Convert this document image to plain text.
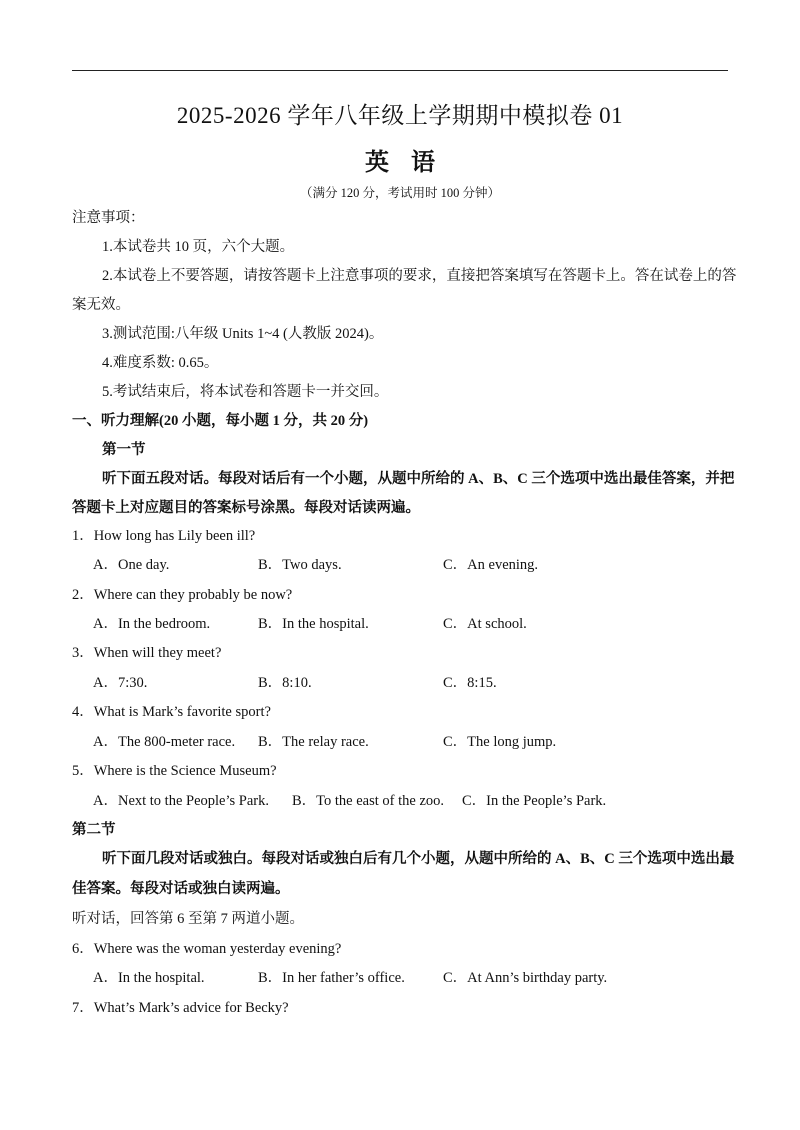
2025-2026 学年八年级上学期期中模拟卷 01
英语
（满分 120 分，考试用时 100 分钟）
注意事项：
1.本试卷共 10 页，六个大题。
2.本试卷上不要答题，请按答题卡上注意事项的要求，直接把答案填写在答题卡上。答在试卷上的答
案无效。
3.测试范围:八年级 Units 1~4 (人教版 2024)。
4.难度系数: 0.65。
5.考试结束后，将本试卷和答题卡一并交回。
一、听力理解(20 小题，每小题 1 分，共 20 分)
第一节
听下面五段对话。每段对话后有一个小题，从题中所给的 A、B、C 三个选项中选出最佳答案，并把
答题卡上对应题目的答案标号涂黑。每段对话读两遍。
1．How long has Lily been ill?
A．One day.	B．Two days.	C．An evening.
2．Where can they probably be now?
A．In the bedroom.	B．In the hospital.	C．At school.
3．When will they meet?
A．7:30.	B．8:10.	C．8:15.
4．What is Mark’s favorite sport?
A．The 800-meter race. B．The relay race.	C．The long jump.
5．Where is the Science Museum?
A．Next to the People’s Park. B．To the east of the zoo. C．In the People’s Park.
第二节
听下面几段对话或独白。每段对话或独白后有几个小题，从题中所给的 A、B、C 三个选项中选出最
佳答案。每段对话或独白读两遍。
听对话，回答第 6 至第 7 两道小题。
6．Where was the woman yesterday evening?
A．In the hospital.	B．In her father’s office.	C．At Ann’s birthday party.
7．What’s Mark’s advice for Becky?
